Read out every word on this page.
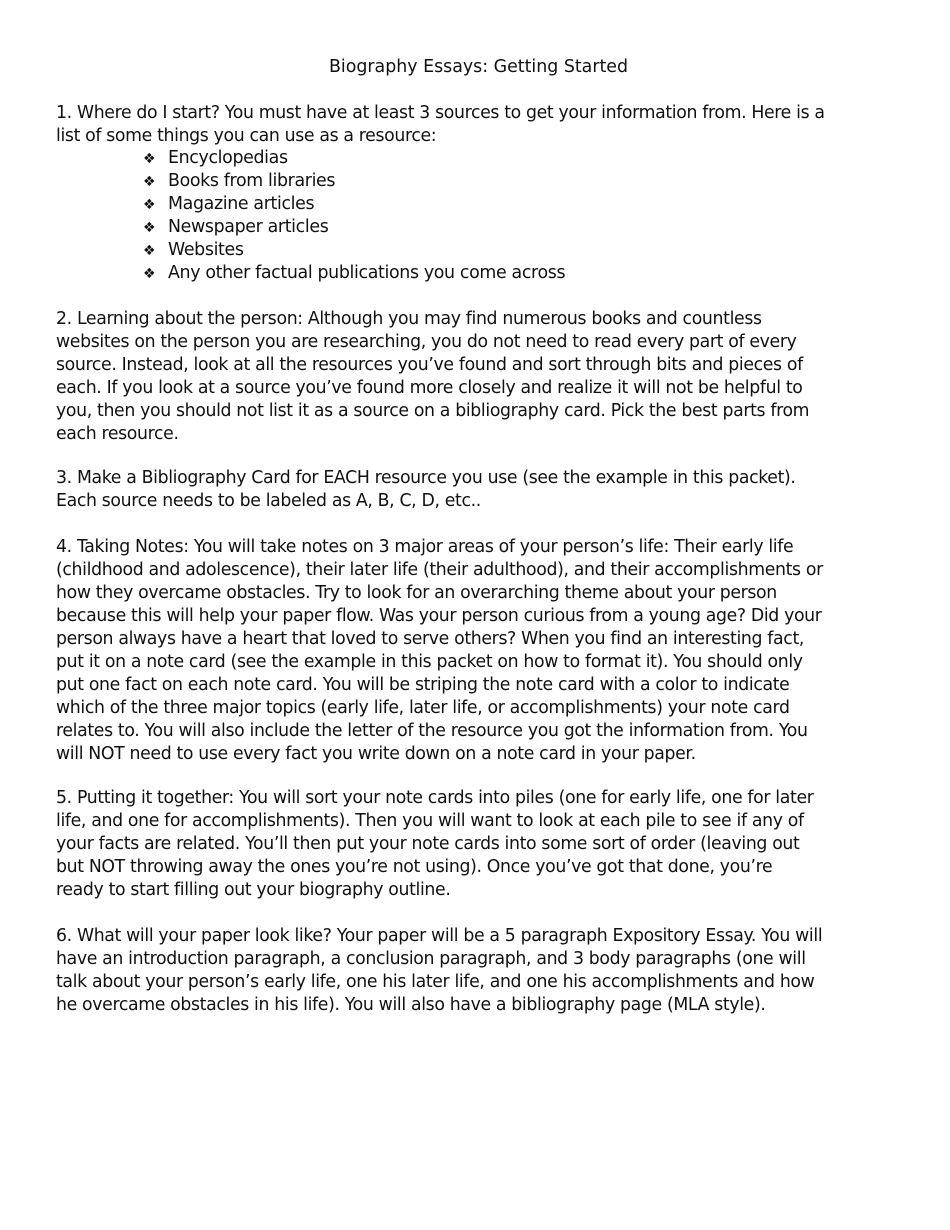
Biography Essays: Getting Started
1. Where do I start? You must have at least 3 sources to get your information from. Here is a
list of some things you can use as a resource:
❖ Encyclopedias
❖ Books from libraries
❖ Magazine articles
❖ Newspaper articles
❖ Websites
❖ Any other factual publications you come across
2. Learning about the person: Although you may find numerous books and countless
websites on the person you are researching, you do not need to read every part of every
source. Instead, look at all the resources you’ve found and sort through bits and pieces of
each. If you look at a source you’ve found more closely and realize it will not be helpful to
you, then you should not list it as a source on a bibliography card. Pick the best parts from
each resource.
3. Make a Bibliography Card for EACH resource you use (see the example in this packet).
Each source needs to be labeled as A, B, C, D, etc..
4. Taking Notes: You will take notes on 3 major areas of your person’s life: Their early life
(childhood and adolescence), their later life (their adulthood), and their accomplishments or
how they overcame obstacles. Try to look for an overarching theme about your person
because this will help your paper flow. Was your person curious from a young age? Did your
person always have a heart that loved to serve others? When you find an interesting fact,
put it on a note card (see the example in this packet on how to format it). You should only
put one fact on each note card. You will be striping the note card with a color to indicate
which of the three major topics (early life, later life, or accomplishments) your note card
relates to. You will also include the letter of the resource you got the information from. You
will NOT need to use every fact you write down on a note card in your paper.
5. Putting it together: You will sort your note cards into piles (one for early life, one for later
life, and one for accomplishments). Then you will want to look at each pile to see if any of
your facts are related. You’ll then put your note cards into some sort of order (leaving out
but NOT throwing away the ones you’re not using). Once you’ve got that done, you’re
ready to start filling out your biography outline.
6. What will your paper look like? Your paper will be a 5 paragraph Expository Essay. You will
have an introduction paragraph, a conclusion paragraph, and 3 body paragraphs (one will
talk about your person’s early life, one his later life, and one his accomplishments and how
he overcame obstacles in his life). You will also have a bibliography page (MLA style).
